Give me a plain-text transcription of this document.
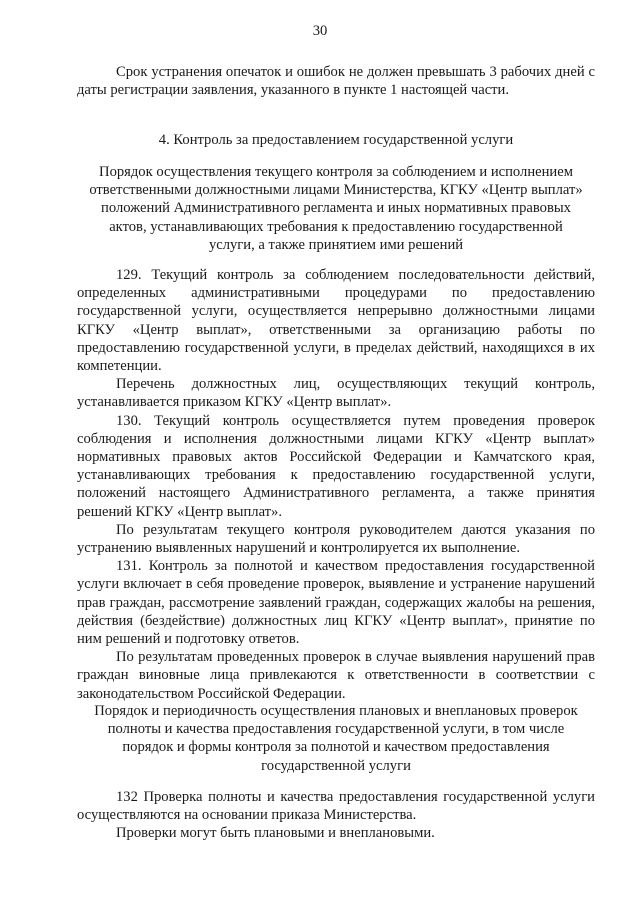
30

Срок устранения опечаток и ошибок не должен превышать 3 рабочих дней с даты регистрации заявления, указанного в пункте 1 настоящей части.

4. Контроль за предоставлением государственной услуги

Порядок осуществления текущего контроля за соблюдением и исполнением
ответственными должностными лицами Министерства, КГКУ «Центр выплат»
положений Административного регламента и иных нормативных правовых
актов, устанавливающих требования к предоставлению государственной
услуги, а также принятием ими решений

129. Текущий контроль за соблюдением последовательности действий, определенных административными процедурами по предоставлению государственной услуги, осуществляется непрерывно должностными лицами КГКУ «Центр выплат», ответственными за организацию работы по предоставлению государственной услуги, в пределах действий, находящихся в их компетенции.

Перечень должностных лиц, осуществляющих текущий контроль, устанавливается приказом КГКУ «Центр выплат».

130. Текущий контроль осуществляется путем проведения проверок соблюдения и исполнения должностными лицами КГКУ «Центр выплат» нормативных правовых актов Российской Федерации и Камчатского края, устанавливающих требования к предоставлению государственной услуги, положений настоящего Административного регламента, а также принятия решений КГКУ «Центр выплат».

По результатам текущего контроля руководителем даются указания по устранению выявленных нарушений и контролируется их выполнение.

131. Контроль за полнотой и качеством предоставления государственной услуги включает в себя проведение проверок, выявление и устранение нарушений прав граждан, рассмотрение заявлений граждан, содержащих жалобы на решения, действия (бездействие) должностных лиц КГКУ «Центр выплат», принятие по ним решений и подготовку ответов.

По результатам проведенных проверок в случае выявления нарушений прав граждан виновные лица привлекаются к ответственности в соответствии с законодательством Российской Федерации.

Порядок и периодичность осуществления плановых и внеплановых проверок
полноты и качества предоставления государственной услуги, в том числе
порядок и формы контроля за полнотой и качеством предоставления
государственной услуги

132 Проверка полноты и качества предоставления государственной услуги осуществляются на основании приказа Министерства.

Проверки могут быть плановыми и внеплановыми.
